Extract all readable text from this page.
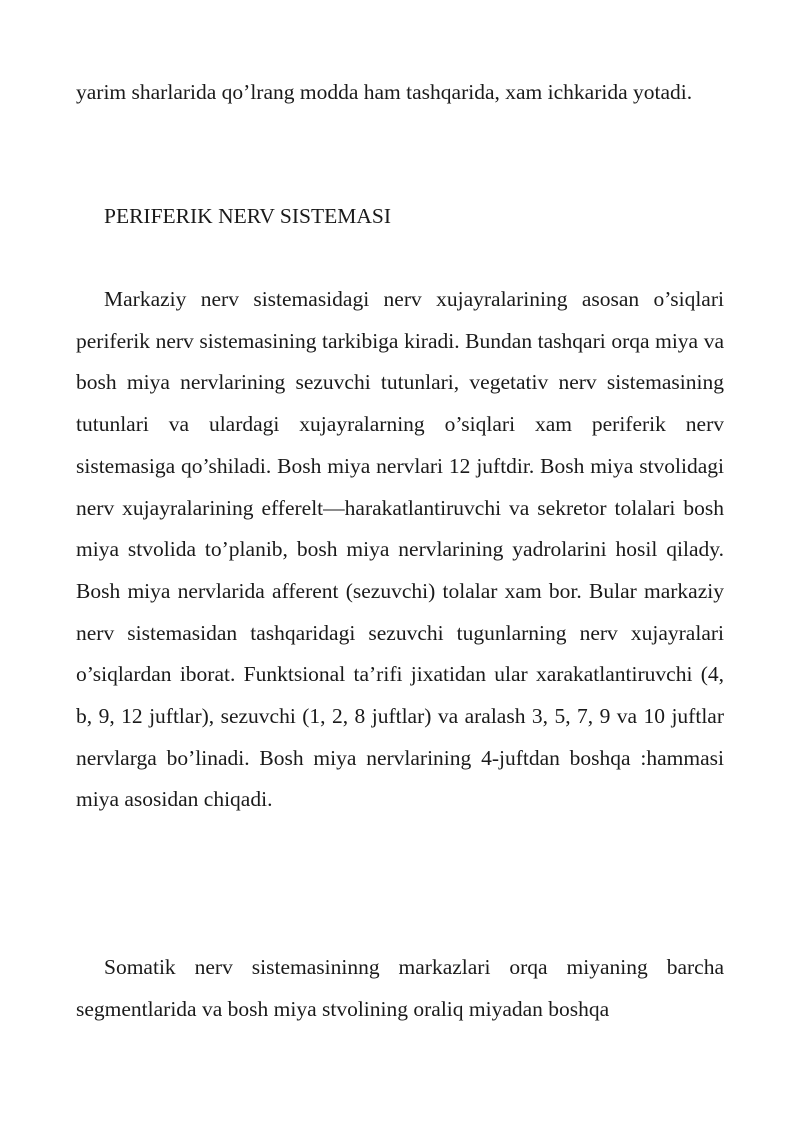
yarim sharlarida qo’lrang modda ham tashqarida, xam ichkarida yotadi.

PERIFERIK NERV SISTEMASI

Markaziy nerv sistemasidagi nerv xujayralarining asosan o’siqlari periferik nerv sistemasining tarkibiga kiradi. Bundan tashqari orqa miya va bosh miya nervlarining sezuvchi tutunlari, vegetativ nerv sistemasining tutunlari va ulardagi xujayralarning o’siqlari xam periferik nerv sistemasiga qo’shiladi. Bosh miya nervlari 12 juftdir. Bosh miya stvolidagi nerv xujayralarining efferelt—harakatlantiruvchi va sekretor tolalari bosh miya stvolida to’planib, bosh miya nervlarining yadrolarini hosil qilady. Bosh miya nervlarida afferent (sezuvchi) tolalar xam bor. Bular markaziy nerv sistemasidan tashqaridagi sezuvchi tugunlarning nerv xujayralari o’siqlardan iborat. Funktsional ta’rifi jixatidan ular xarakatlantiruvchi (4, b, 9, 12 juftlar), sezuvchi (1, 2, 8 juftlar) va aralash 3, 5, 7, 9 va 10 juftlar nervlarga bo’linadi. Bosh miya nervlarining 4-juftdan boshqa :hammasi miya asosidan chiqadi.

Somatik nerv sistemasininng markazlari orqa miyaning barcha segmentlarida va bosh miya stvolining oraliq miyadan boshqa
